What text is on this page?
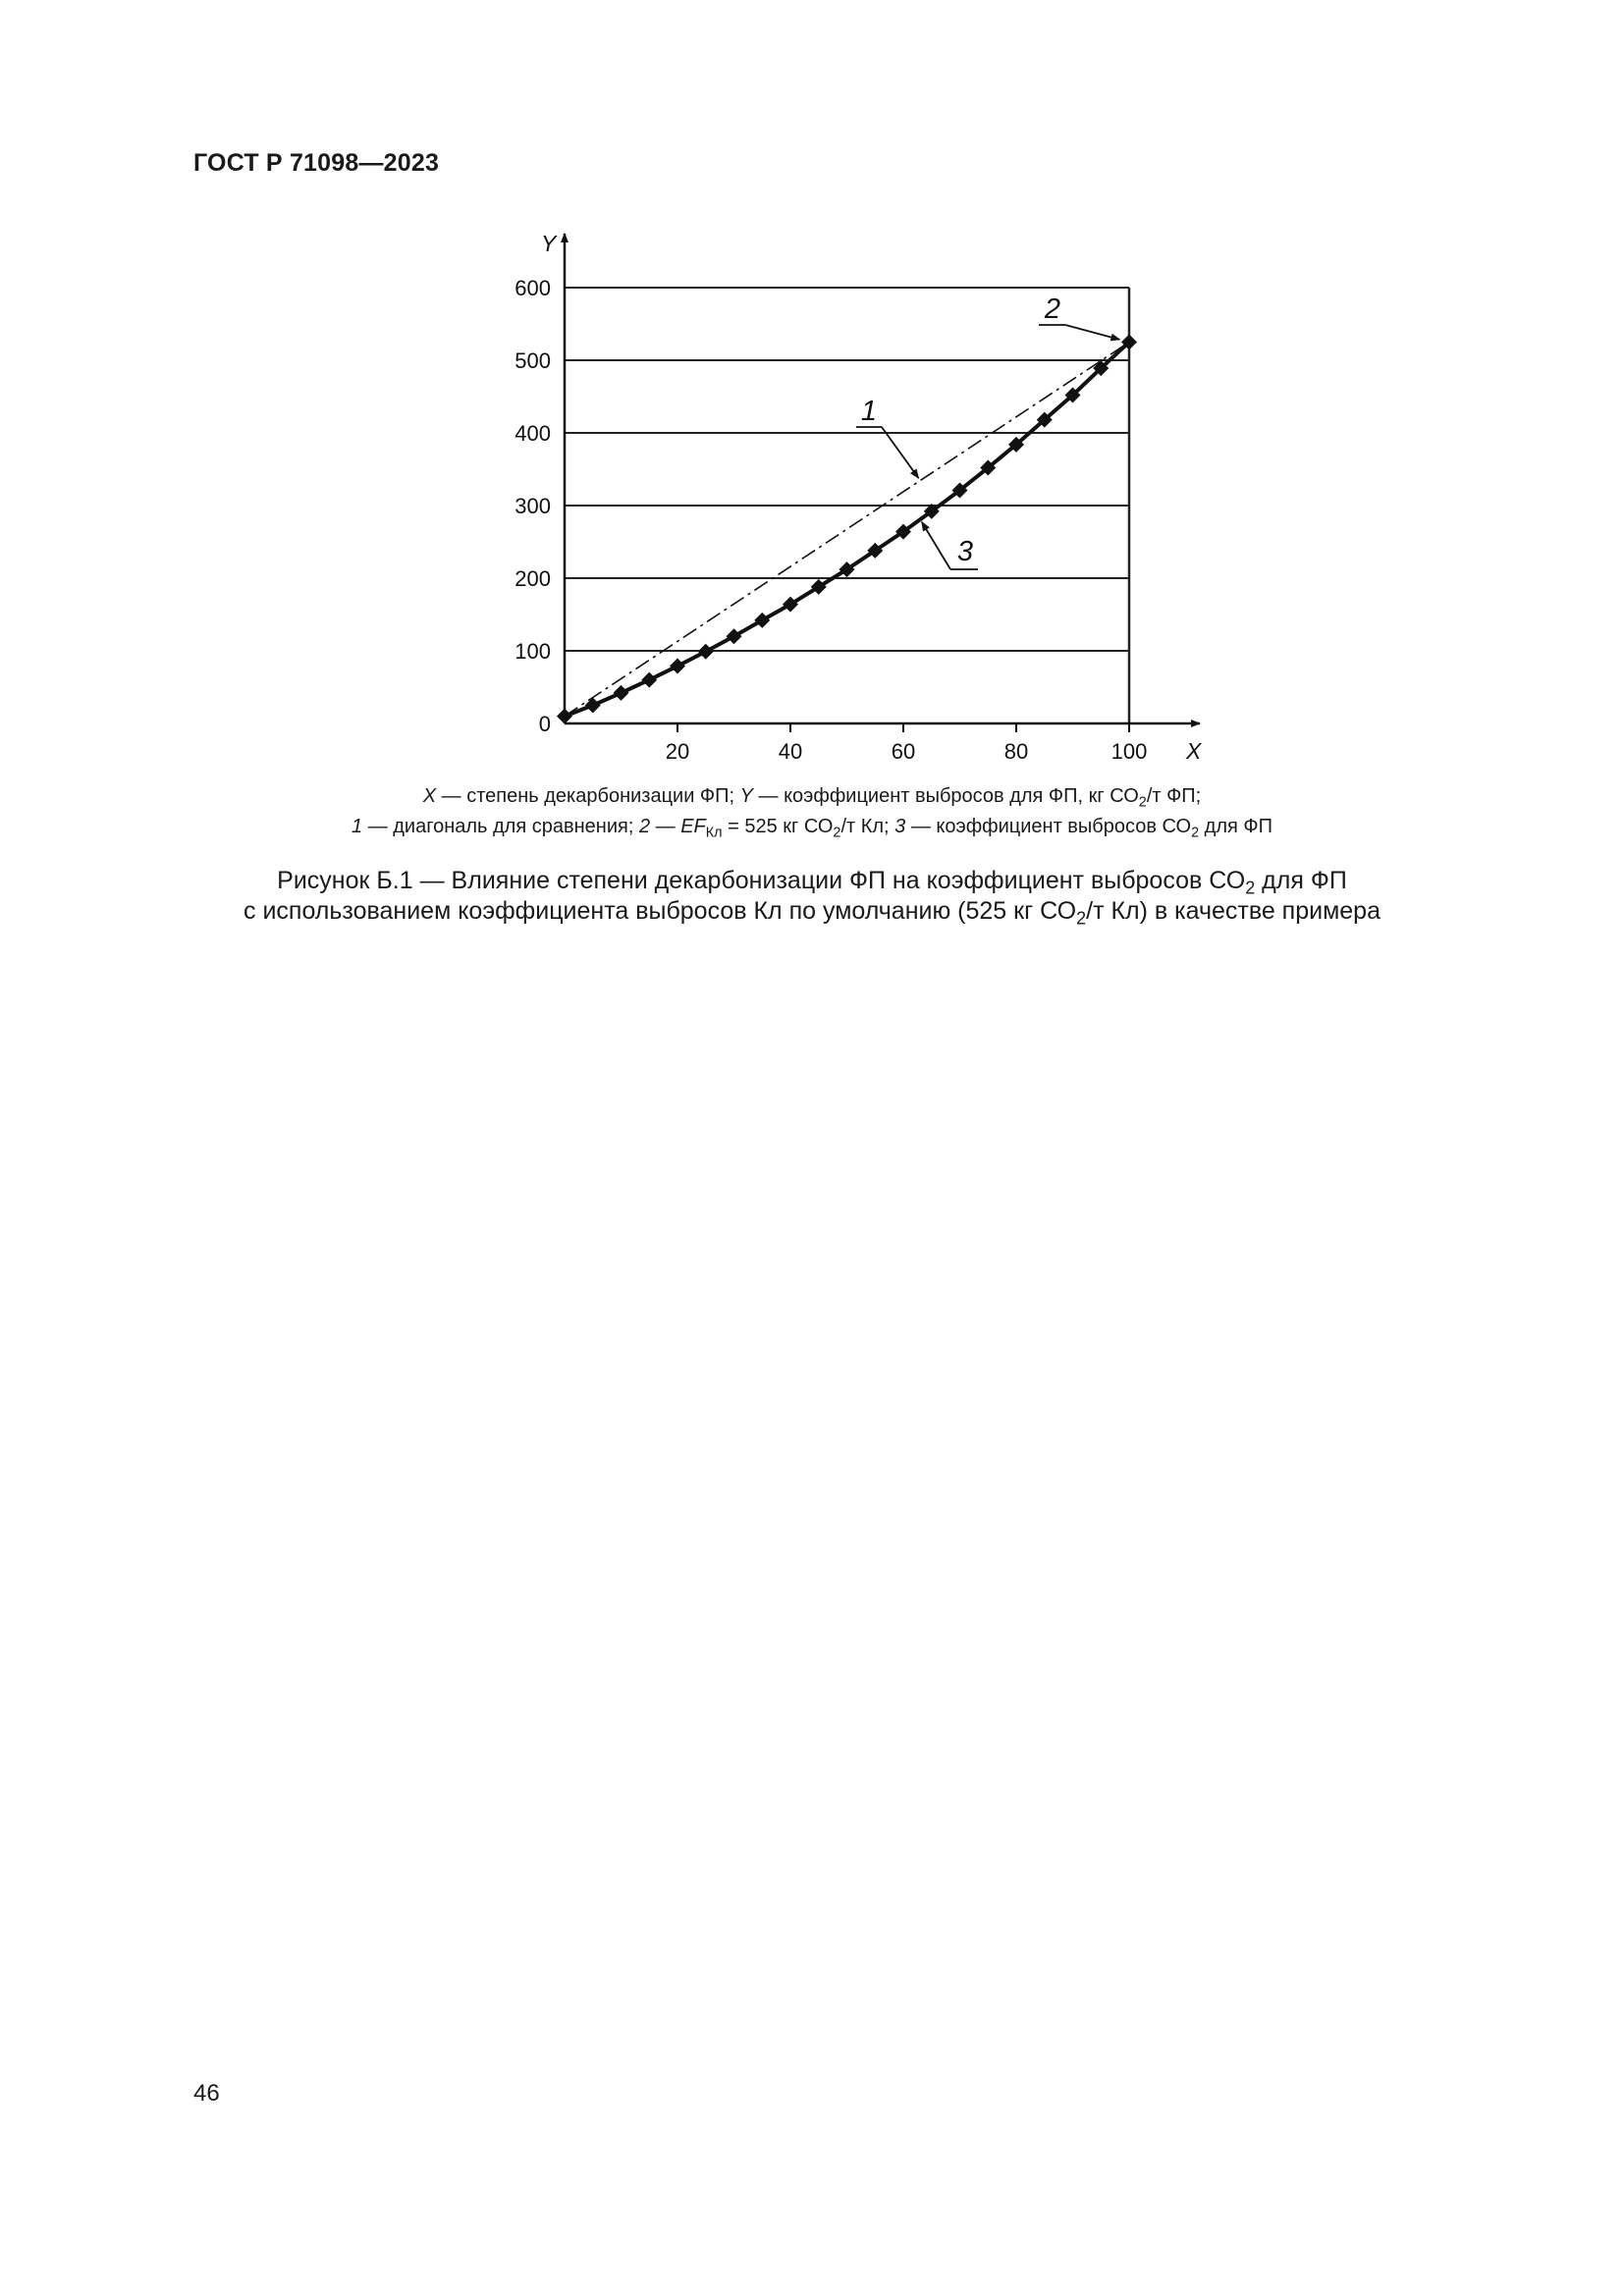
ГОСТ Р 71098—2023
0
100
200
300
400
500
600
20	40	60	80	100 X
Y
1
2
3
X — степень декарбонизации ФП; Y — коэффициент выбросов для ФП, кг $СО_2/т$ ФП;
1 — диагональ для сравнения; 2 — $EF_{Кл} = 525$ кг $СО_2/т$ Кл; 3 — коэффициент выбросов $СО_2$ для ФП
Рисунок Б.1 — Влияние степени декарбонизации ФП на коэффициент выбросов $СО_2$ для ФП
с использованием коэффициента выбросов Кл по умолчанию (525 кг $СО_2/т$ Кл) в качестве примера
46
